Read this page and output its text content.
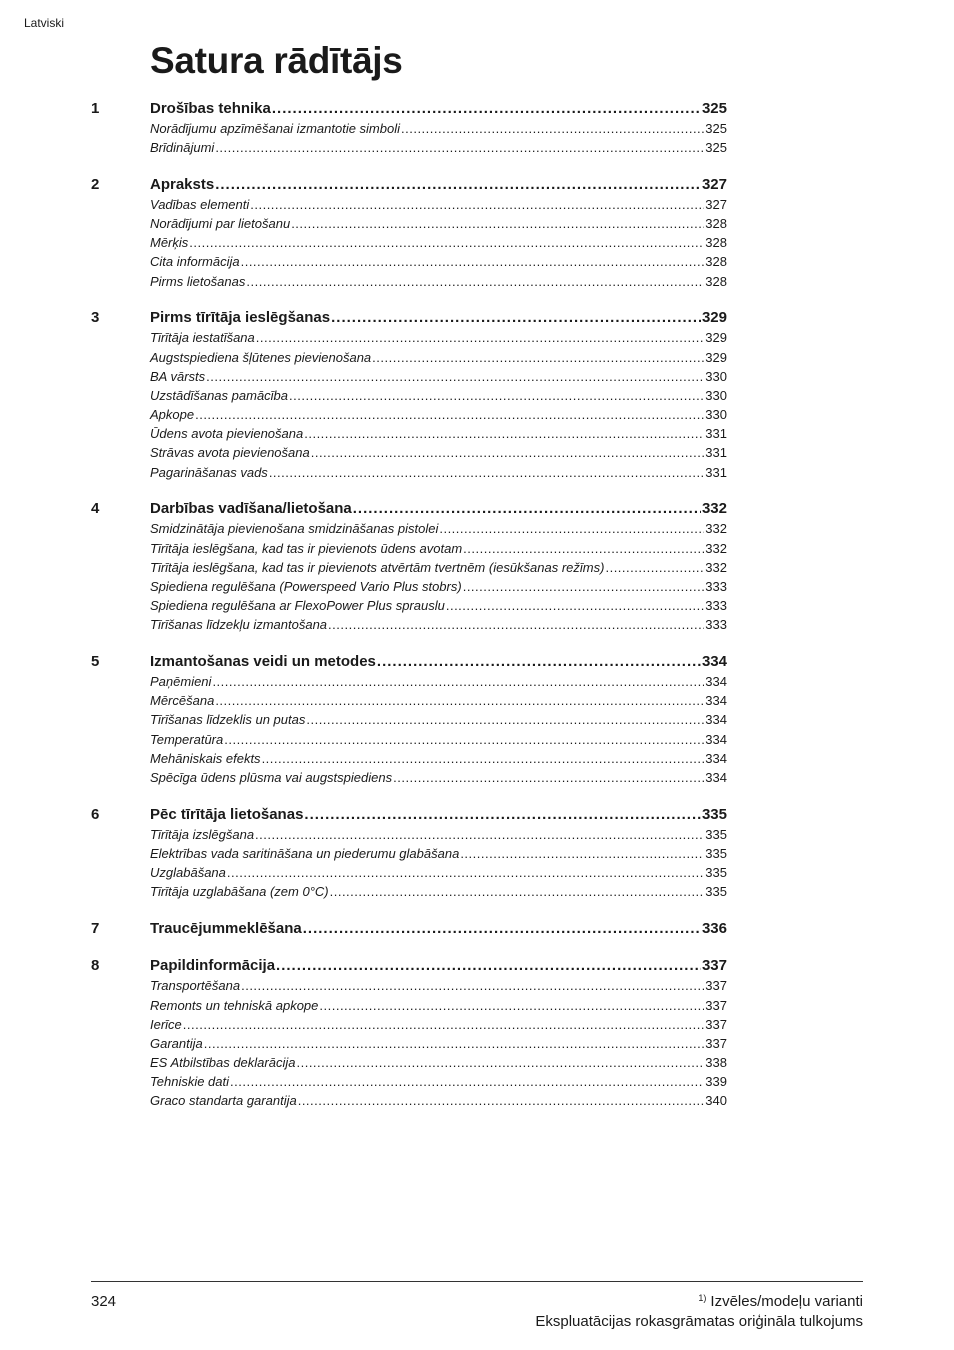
Latviski
Satura rādītājs
1	Drošības tehnika .....	325
Norādījumu apzīmēšanai izmantotie simboli .....	325
Brīdinājumi .....	325
2	Apraksts .....	327
Vadības elementi .....	327
Norādījumi par lietošanu .....	328
Mērķis .....	328
Cita informācija .....	328
Pirms lietošanas .....	328
3	Pirms tīrītāja ieslēgšanas .....	329
Tīrītāja iestatīšana .....	329
Augstspiediena šļūtenes pievienošana .....	329
BA vārsts .....	330
Uzstādīšanas pamācība .....	330
Apkope .....	330
Ūdens avota pievienošana .....	331
Strāvas avota pievienošana .....	331
Pagarināšanas vads .....	331
4	Darbības vadīšana/lietošana .....	332
Smidzinātāja pievienošana smidzināšanas pistolei .....	332
Tīrītāja ieslēgšana, kad tas ir pievienots ūdens avotam .....	332
Tīrītāja ieslēgšana, kad tas ir pievienots atvērtām tvertnēm (iesūkšanas režīms) .....	332
Spiediena regulēšana (Powerspeed Vario Plus stobrs) .....	333
Spiediena regulēšana ar FlexoPower Plus sprauslu .....	333
Tīrīšanas līdzekļu izmantošana .....	333
5	Izmantošanas veidi un metodes .....	334
Paņēmieni .....	334
Mērcēšana .....	334
Tīrīšanas līdzeklis un putas .....	334
Temperatūra .....	334
Mehāniskais efekts .....	334
Spēcīga ūdens plūsma vai augstspiediens .....	334
6	Pēc tīrītāja lietošanas .....	335
Tīrītāja izslēgšana .....	335
Elektrības vada saritināšana un piederumu glabāšana .....	335
Uzglabāšana .....	335
Tīrītāja uzglabāšana (zem 0°C) .....	335
7	Traucējummeklēšana .....	336
8	Papildinformācija .....	337
Transportēšana .....	337
Remonts un tehniskā apkope .....	337
Ierīce .....	337
Garantija .....	337
ES Atbilstības deklarācija .....	338
Tehniskie dati .....	339
Graco standarta garantija .....	340
324	$^{1)}$ Izvēles/modeļu varianti
Ekspluatācijas rokasgrāmatas oriģināla tulkojums
